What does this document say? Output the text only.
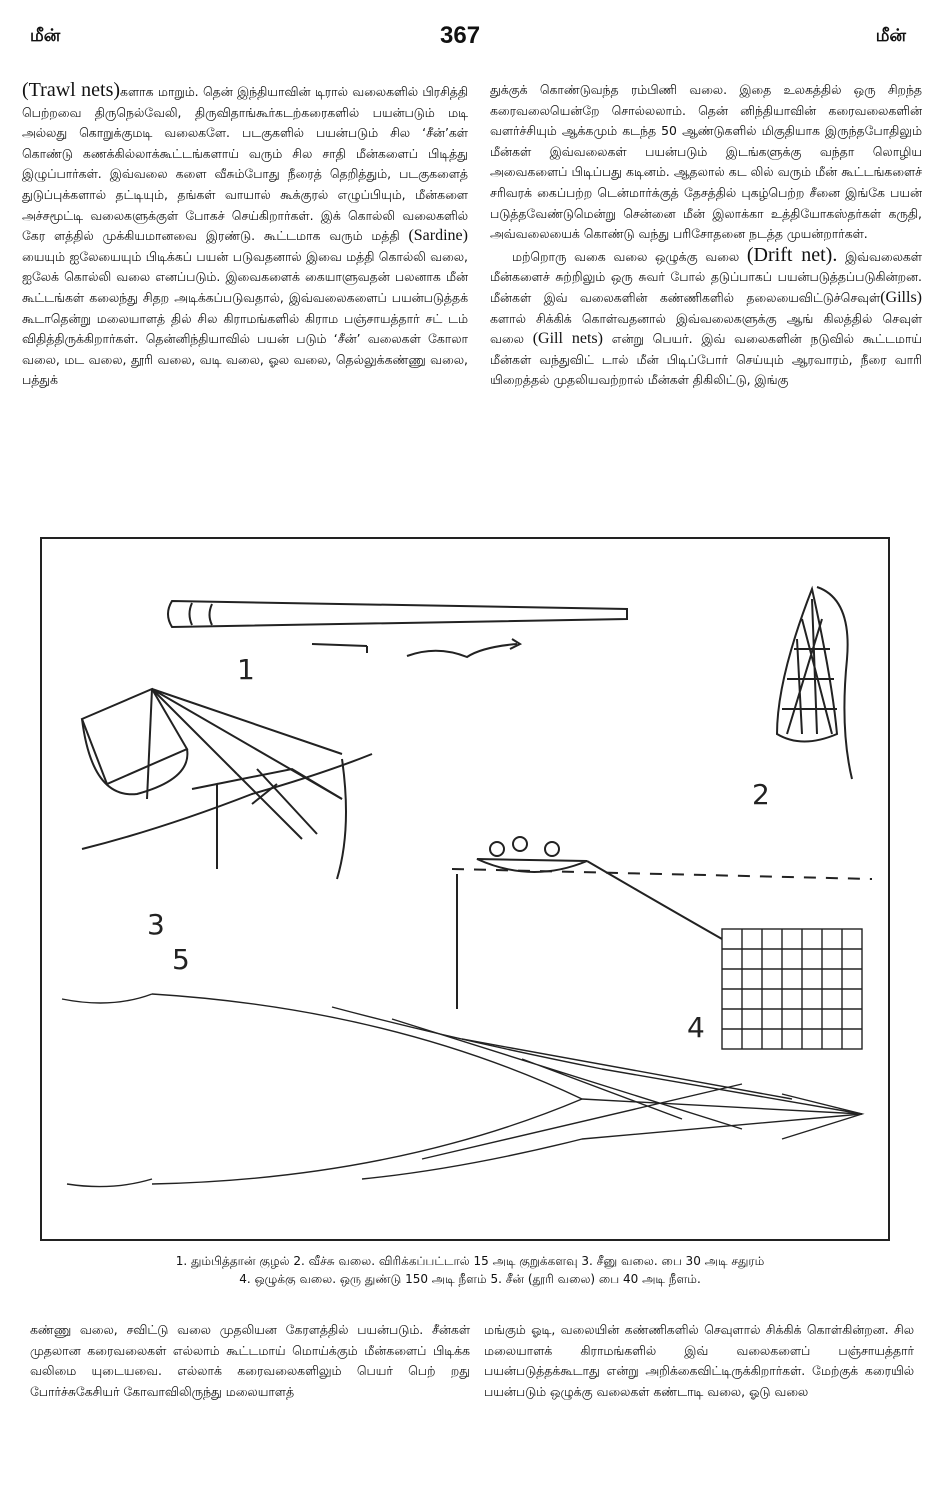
மீன்	367	மீன்

(Trawl nets)களாக மாறும். தென் இந்தியாவின் டிரால் வலைகளில் பிரசித்தி பெற்றவை திருநெல்வேலி, திருவிதாங்கூர்கடற்கரைகளில் பயன்படும் மடி அல்லது கொறுக்குமடி வலைகளே. படகுகளில் பயன்படும் சில ‘சீன்’கள் கொண்டு கணக்கில்லாக்கூட்டங்களாய் வரும் சில சாதி மீன்களைப் பிடித்து இழுப்பார்கள். இவ்வலை களை வீசும்போது நீரைத் தெறித்தும், படகுகளைத் துடுப்புக்களால் தட்டியும், தங்கள் வாயால் கூக்குரல் எழுப்பியும், மீன்களை அச்சமூட்டி வலைகளுக்குள் போகச் செய்கிறார்கள். இக் கொல்லி வலைகளில் கேர ளத்தில் முக்கியமானவை இரண்டு. கூட்டமாக வரும் மத்தி (Sardine) யையும் ஐலேயையும் பிடிக்கப் பயன் படுவதனால் இவை மத்தி கொல்லி வலை, ஐலேக் கொல்லி வலை எனப்படும். இவைகளைக் கையாளுவதன் பலனாக மீன் கூட்டங்கள் கலைந்து சிதற அடிக்கப்படுவதால், இவ்வலைகளைப் பயன்படுத்தக் கூடாதென்று மலையாளத் தில் சில கிராமங்களில் கிராம பஞ்சாயத்தார் சட் டம் விதித்திருக்கிறார்கள். தென்னிந்தியாவில் பயன் படும் ‘சீன்’ வலைகள் கோலா வலை, மட வலை, தூரி வலை, வடி வலை, ஓல வலை, தெல்லுக்கண்ணு வலை, பத்துக்

துக்குக் கொண்டுவந்த ரம்பிணி வலை. இதை உலகத்தில் ஒரு சிறந்த கரைவலையென்றே சொல்லலாம். தென் னிந்தியாவின் கரைவலைகளின் வளர்ச்சியும் ஆக்கமும் கடந்த 50 ஆண்டுகளில் மிகுதியாக இருந்தபோதிலும் மீன்கள் இவ்வலைகள் பயன்படும் இடங்களுக்கு வந்தா லொழிய அவைகளைப் பிடிப்பது கடினம். ஆதலால் கட லில் வரும் மீன் கூட்டங்களைச் சரிவரக் கைப்பற்ற டென்மார்க்குத் தேசத்தில் புகழ்பெற்ற சீனை இங்கே பயன் படுத்தவேண்டுமென்று சென்னை மீன் இலாக்கா உத்தியோகஸ்தர்கள் கருதி, அவ்வலையைக் கொண்டு வந்து பரிசோதனை நடத்த முயன்றார்கள்.

மற்றொரு வகை வலை ஒழுக்கு வலை (Drift net). இவ்வலைகள் மீன்களைச் சுற்றிலும் ஒரு சுவர் போல் தடுப்பாகப் பயன்படுத்தப்படுகின்றன. மீன்கள் இவ் வலைகளின் கண்ணிகளில் தலையைவிட்டுச்செவுள்(Gills) களால் சிக்கிக் கொள்வதனால் இவ்வலைகளுக்கு ஆங் கிலத்தில் செவுள் வலை (Gill nets) என்று பெயர். இவ் வலைகளின் நடுவில் கூட்டமாய் மீன்கள் வந்துவிட் டால் மீன் பிடிப்போர் செய்யும் ஆரவாரம், நீரை வாரி யிறைத்தல் முதலியவற்றால் மீன்கள் திகிலிட்டு, இங்கு

1
2
3
4
5
1. தும்பித்தான் குழல் 2. வீச்சு வலை. விரிக்கப்பட்டால் 15 அடி குறுக்களவு 3. சீனு வலை. பை 30 அடி சதுரம்
4. ஒழுக்கு வலை. ஒரு துண்டு 150 அடி நீளம் 5. சீன் (தூரி வலை) பை 40 அடி நீளம்.

கண்ணு வலை, சவிட்டு வலை முதலியன கேரளத்தில் பயன்படும். சீன்கள் முதலான கரைவலைகள் எல்லாம் கூட்டமாய் மொய்க்கும் மீன்களைப் பிடிக்க வலிமை யுடையவை. எல்லாக் கரைவலைகளிலும் பெயர் பெற் றது போர்ச்சுகேசியர் கோவாவிலிருந்து மலையாளத்

மங்கும் ஓடி, வலையின் கண்ணிகளில் செவுளால் சிக்கிக் கொள்கின்றன. சில மலையாளக் கிராமங்களில் இவ் வலைகளைப் பஞ்சாயத்தார் பயன்படுத்தக்கூடாது என்று அறிக்கைவிட்டிருக்கிறார்கள். மேற்குக் கரையில் பயன்படும் ஒழுக்கு வலைகள் கண்டாடி வலை, ஓடு வலை
